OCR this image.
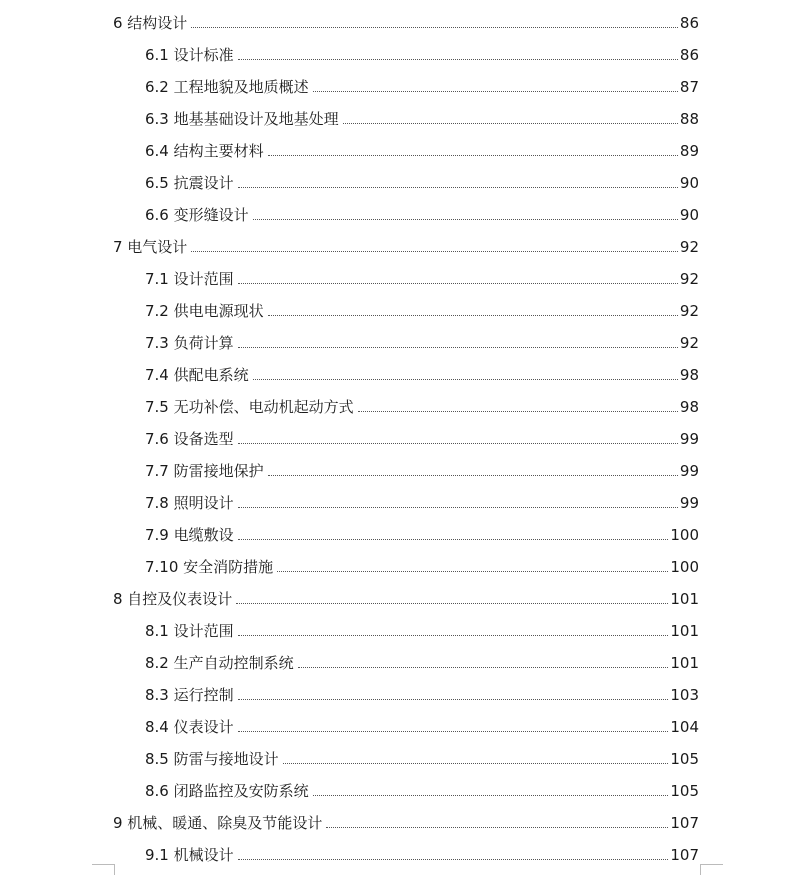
6 结构设计	86
6.1 设计标准	86
6.2 工程地貌及地质概述	87
6.3 地基基础设计及地基处理	88
6.4 结构主要材料	89
6.5 抗震设计	90
6.6 变形缝设计	90
7 电气设计	92
7.1 设计范围	92
7.2 供电电源现状	92
7.3 负荷计算	92
7.4 供配电系统	98
7.5 无功补偿、电动机起动方式	98
7.6 设备选型	99
7.7 防雷接地保护	99
7.8 照明设计	99
7.9 电缆敷设	100
7.10 安全消防措施	100
8 自控及仪表设计	101
8.1 设计范围	101
8.2 生产自动控制系统	101
8.3 运行控制	103
8.4 仪表设计	104
8.5 防雷与接地设计	105
8.6 闭路监控及安防系统	105
9 机械、暖通、除臭及节能设计	107
9.1 机械设计	107
